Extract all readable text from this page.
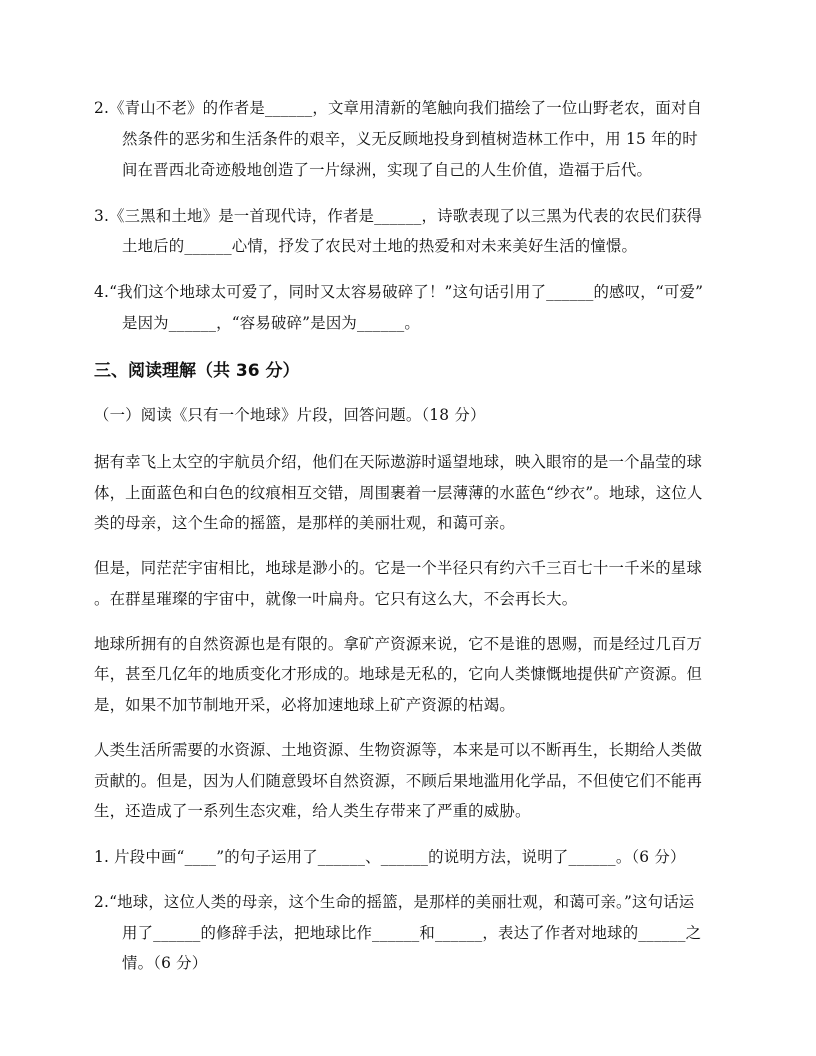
2.《青山不老》的作者是______，文章用清新的笔触向我们描绘了一位山野老农，面对自
然条件的恶劣和生活条件的艰辛，义无反顾地投身到植树造林工作中，用 15 年的时
间在晋西北奇迹般地创造了一片绿洲，实现了自己的人生价值，造福于后代。
3.《三黑和土地》是一首现代诗，作者是______，诗歌表现了以三黑为代表的农民们获得
土地后的______心情，抒发了农民对土地的热爱和对未来美好生活的憧憬。
4.“我们这个地球太可爱了，同时又太容易破碎了！”这句话引用了______的感叹，“可爱”
是因为______，“容易破碎”是因为______。
三、阅读理解（共 36 分）
（一）阅读《只有一个地球》片段，回答问题。（18 分）
据有幸飞上太空的宇航员介绍，他们在天际遨游时遥望地球，映入眼帘的是一个晶莹的球
体，上面蓝色和白色的纹痕相互交错，周围裹着一层薄薄的水蓝色“纱衣”。地球，这位人
类的母亲，这个生命的摇篮，是那样的美丽壮观，和蔼可亲。
但是，同茫茫宇宙相比，地球是渺小的。它是一个半径只有约六千三百七十一千米的星球
。在群星璀璨的宇宙中，就像一叶扁舟。它只有这么大，不会再长大。
地球所拥有的自然资源也是有限的。拿矿产资源来说，它不是谁的恩赐，而是经过几百万
年，甚至几亿年的地质变化才形成的。地球是无私的，它向人类慷慨地提供矿产资源。但
是，如果不加节制地开采，必将加速地球上矿产资源的枯竭。
人类生活所需要的水资源、土地资源、生物资源等，本来是可以不断再生，长期给人类做
贡献的。但是，因为人们随意毁坏自然资源，不顾后果地滥用化学品，不但使它们不能再
生，还造成了一系列生态灾难，给人类生存带来了严重的威胁。
1. 片段中画“____”的句子运用了______、______的说明方法，说明了______。（6 分）
2.“地球，这位人类的母亲，这个生命的摇篮，是那样的美丽壮观，和蔼可亲。”这句话运
用了______的修辞手法，把地球比作______和______，表达了作者对地球的______之
情。（6 分）
